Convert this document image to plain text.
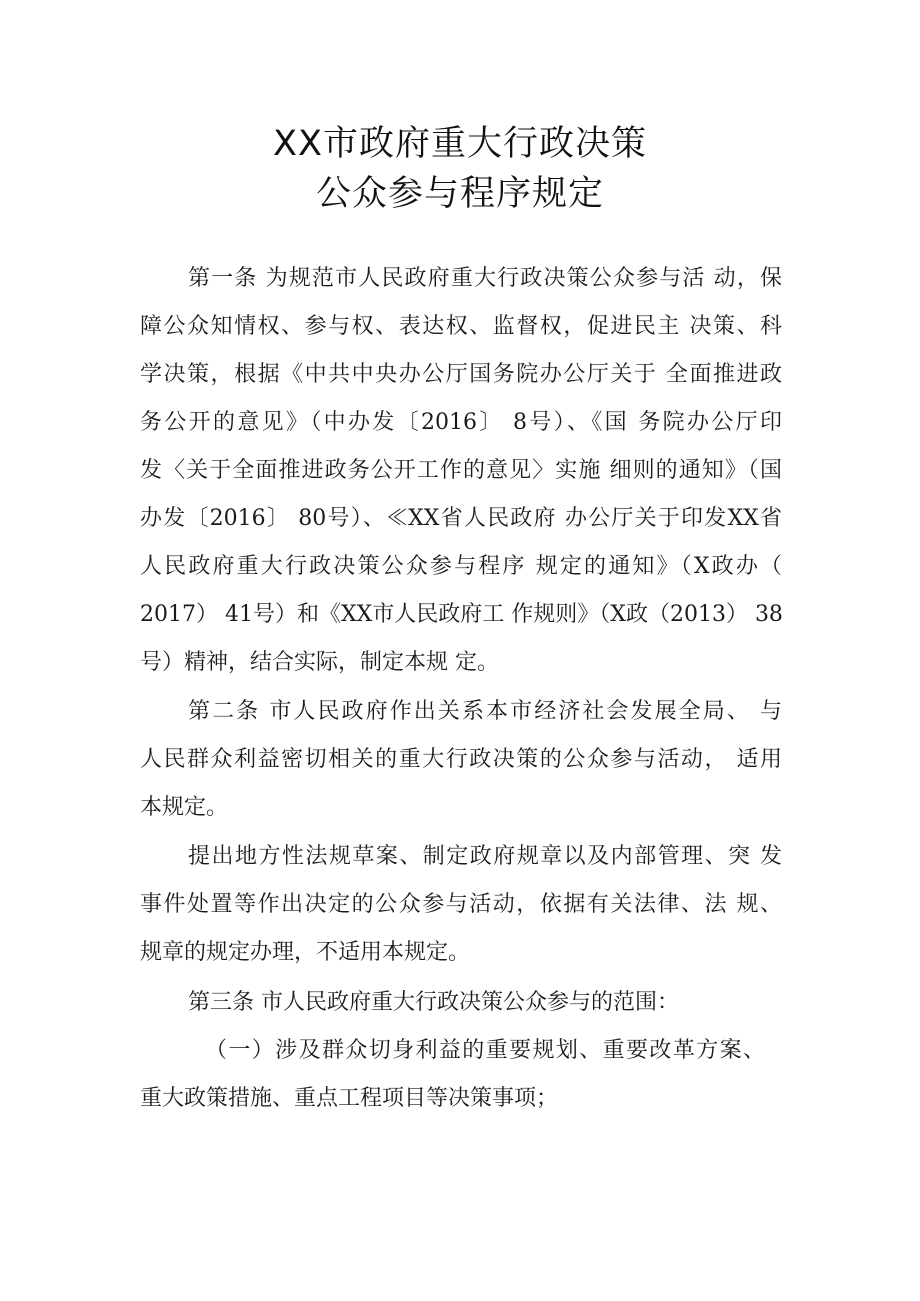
XX市政府重大行政决策
公众参与程序规定
第一条 为规范市人民政府重大行政决策公众参与活 动，保
障公众知情权、参与权、表达权、监督权，促进民主 决策、科
学决策，根据《中共中央办公厅国务院办公厅关于 全面推进政
务公开的意见》（中办发〔2016〕 8号）、《国 务院办公厅印
发〈关于全面推进政务公开工作的意见〉实施 细则的通知》（国
办发〔2016〕 80号）、≪XX省人民政府 办公厅关于印发XX省
人民政府重大行政决策公众参与程序 规定的通知》（X政办（
2017） 41号）和《XX市人民政府工 作规则》（X政（2013） 38
号）精神，结合实际，制定本规 定。
第二条 市人民政府作出关系本市经济社会发展全局、 与
人民群众利益密切相关的重大行政决策的公众参与活动， 适用
本规定。
提出地方性法规草案、制定政府规章以及内部管理、突 发
事件处置等作出决定的公众参与活动，依据有关法律、法 规、
规章的规定办理，不适用本规定。
第三条 市人民政府重大行政决策公众参与的范围：
（一）涉及群众切身利益的重要规划、重要改革方案、
重大政策措施、重点工程项目等决策事项；
